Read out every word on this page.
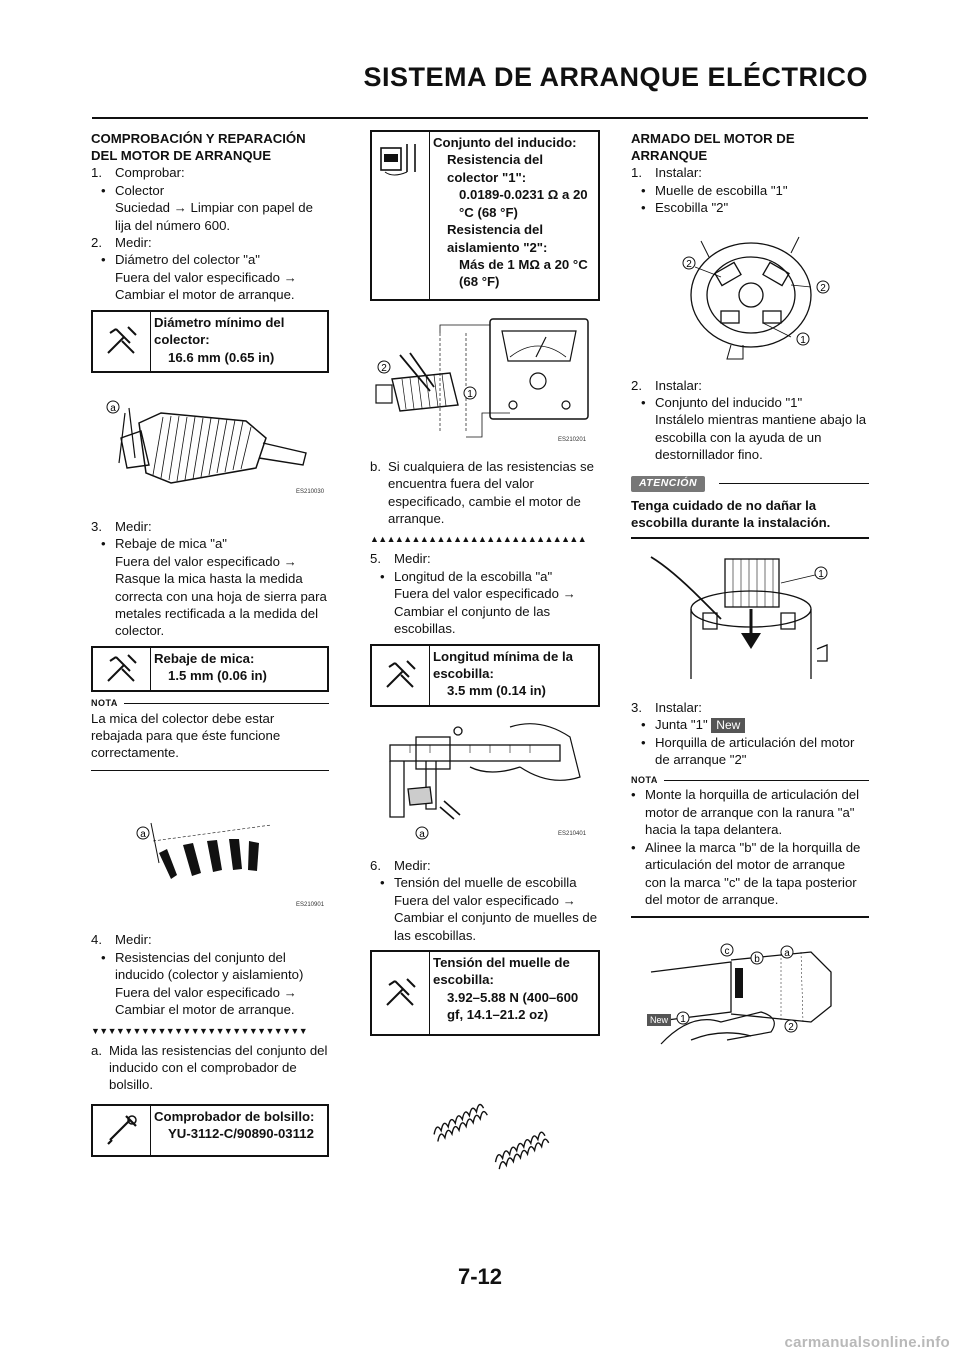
SISTEMA DE ARRANQUE ELÉCTRICO
COMPROBACIÓN Y REPARACIÓN DEL MOTOR DE ARRANQUE
1. Comprobar:
• Colector
Suciedad → Limpiar con papel de lija del número 600.
2. Medir:
• Diámetro del colector "a"
Fuera del valor especificado → Cambiar el motor de arranque.
Diámetro mínimo del colector:
16.6 mm (0.65 in)
a
ES210030
3. Medir:
• Rebaje de mica "a"
Fuera del valor especificado → Rasque la mica hasta la medida correcta con una hoja de sierra para metales rectificada a la medida del colector.
Rebaje de mica:
1.5 mm (0.06 in)
NOTA
La mica del colector debe estar rebajada para que éste funcione correctamente.
a
ES210901
4. Medir:
• Resistencias del conjunto del inducido (colector y aislamiento)
Fuera del valor especificado → Cambiar el motor de arranque.
▼▼▼▼▼▼▼▼▼▼▼▼▼▼▼▼▼▼▼▼▼▼▼▼▼▼
a. Mida las resistencias del conjunto del inducido con el comprobador de bolsillo.
Comprobador de bolsillo:
YU-3112-C/90890-03112
Conjunto del inducido:
Resistencia del colector "1":
0.0189-0.0231 Ω a 20 °C (68 °F)
Resistencia del aislamiento "2":
Más de 1 MΩ a 20 °C (68 °F)
2
1
ES210201
b. Si cualquiera de las resistencias se encuentra fuera del valor especificado, cambie el motor de arranque.
▲▲▲▲▲▲▲▲▲▲▲▲▲▲▲▲▲▲▲▲▲▲▲▲▲▲
5. Medir:
• Longitud de la escobilla "a"
Fuera del valor especificado → Cambiar el conjunto de las escobillas.
Longitud mínima de la escobilla:
3.5 mm (0.14 in)
a	ES210401
6. Medir:
• Tensión del muelle de escobilla
Fuera del valor especificado → Cambiar el conjunto de muelles de las escobillas.
Tensión del muelle de escobilla:
3.92–5.88 N (400–600 gf, 14.1–21.2 oz)
ARMADO DEL MOTOR DE ARRANQUE
1. Instalar:
• Muelle de escobilla "1"
• Escobilla "2"
2
2
1
2. Instalar:
• Conjunto del inducido "1"
Instálelo mientras mantiene abajo la escobilla con la ayuda de un destornillador fino.
ATENCIÓN
Tenga cuidado de no dañar la escobilla durante la instalación.
1
3. Instalar:
• Junta "1" New
• Horquilla de articulación del motor de arranque "2"
NOTA
• Monte la horquilla de articulación del motor de arranque con la ranura "a" hacia la tapa delantera.
• Alinee la marca "b" de la horquilla de articulación del motor de arranque con la marca "c" de la tapa posterior del motor de arranque.
c
b
a
New 1
2
7-12
carmanualsonline.info
